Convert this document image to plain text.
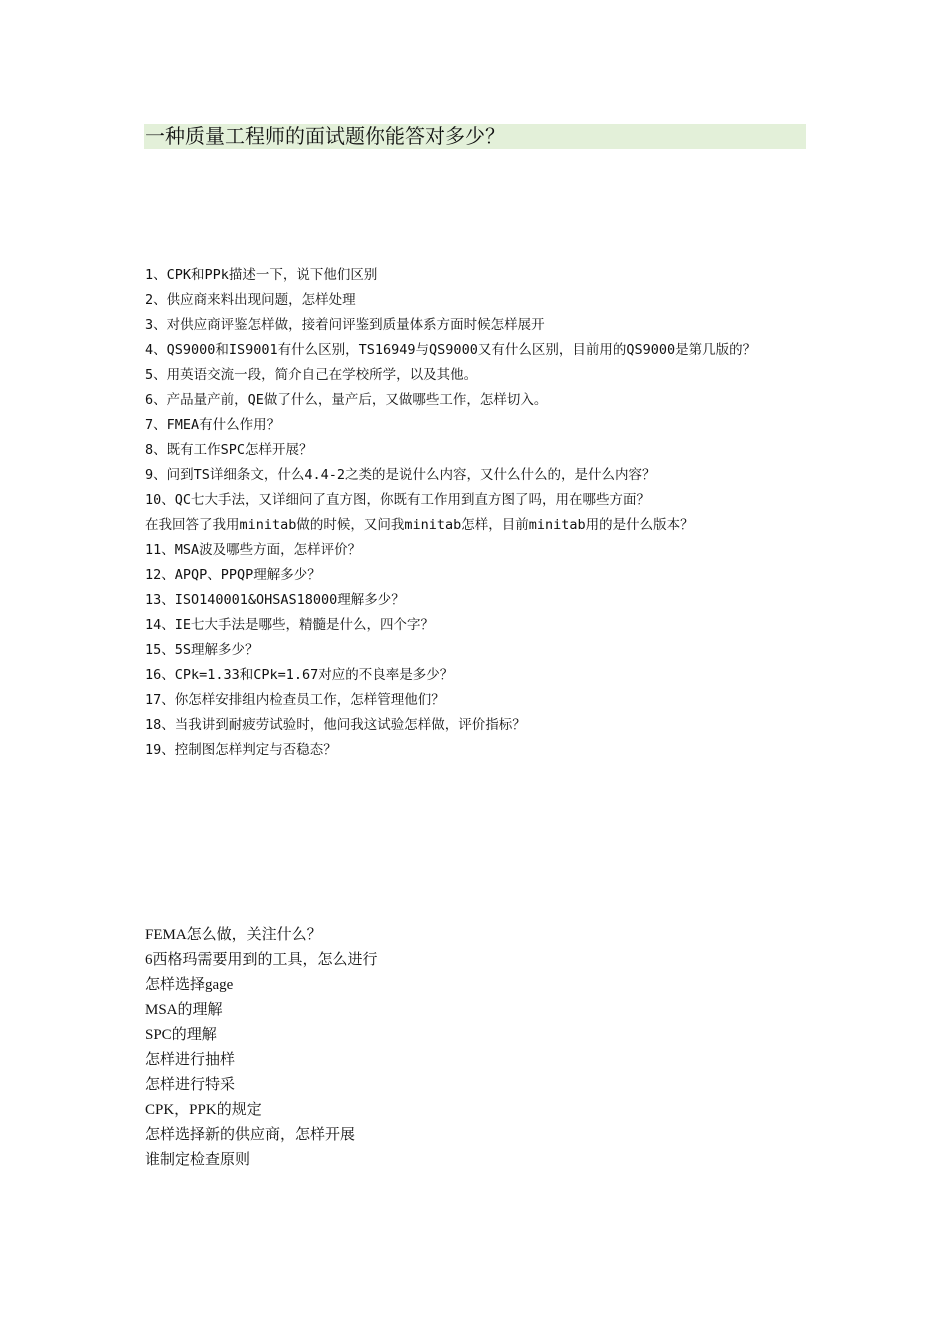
一种质量工程师的面试题你能答对多少？
1、CPK和PPk描述一下，说下他们区别
2、供应商来料出现问题，怎样处理
3、对供应商评鉴怎样做，接着问评鉴到质量体系方面时候怎样展开
4、QS9000和IS9001有什么区别，TS16949与QS9000又有什么区别，目前用的QS9000是第几版的？
5、用英语交流一段，简介自己在学校所学，以及其他。
6、产品量产前，QE做了什么，量产后，又做哪些工作，怎样切入。
7、FMEA有什么作用？
8、既有工作SPC怎样开展？
9、问到TS详细条文，什么4.4-2之类的是说什么内容，又什么什么的，是什么内容？
10、QC七大手法，又详细问了直方图，你既有工作用到直方图了吗，用在哪些方面？
在我回答了我用minitab做的时候，又问我minitab怎样，目前minitab用的是什么版本？
11、MSA波及哪些方面，怎样评价？
12、APQP、PPQP理解多少？
13、ISO140001&OHSAS18000理解多少？
14、IE七大手法是哪些，精髓是什么，四个字？
15、5S理解多少？
16、CPk=1.33和CPk=1.67对应的不良率是多少？
17、你怎样安排组内检查员工作，怎样管理他们？
18、当我讲到耐疲劳试验时，他问我这试验怎样做，评价指标？
19、控制图怎样判定与否稳态？
FEMA怎么做，关注什么？
6西格玛需要用到的工具，怎么进行
怎样选择gage
MSA的理解
SPC的理解
怎样进行抽样
怎样进行特采
CPK，PPK的规定
怎样选择新的供应商，怎样开展
谁制定检查原则
